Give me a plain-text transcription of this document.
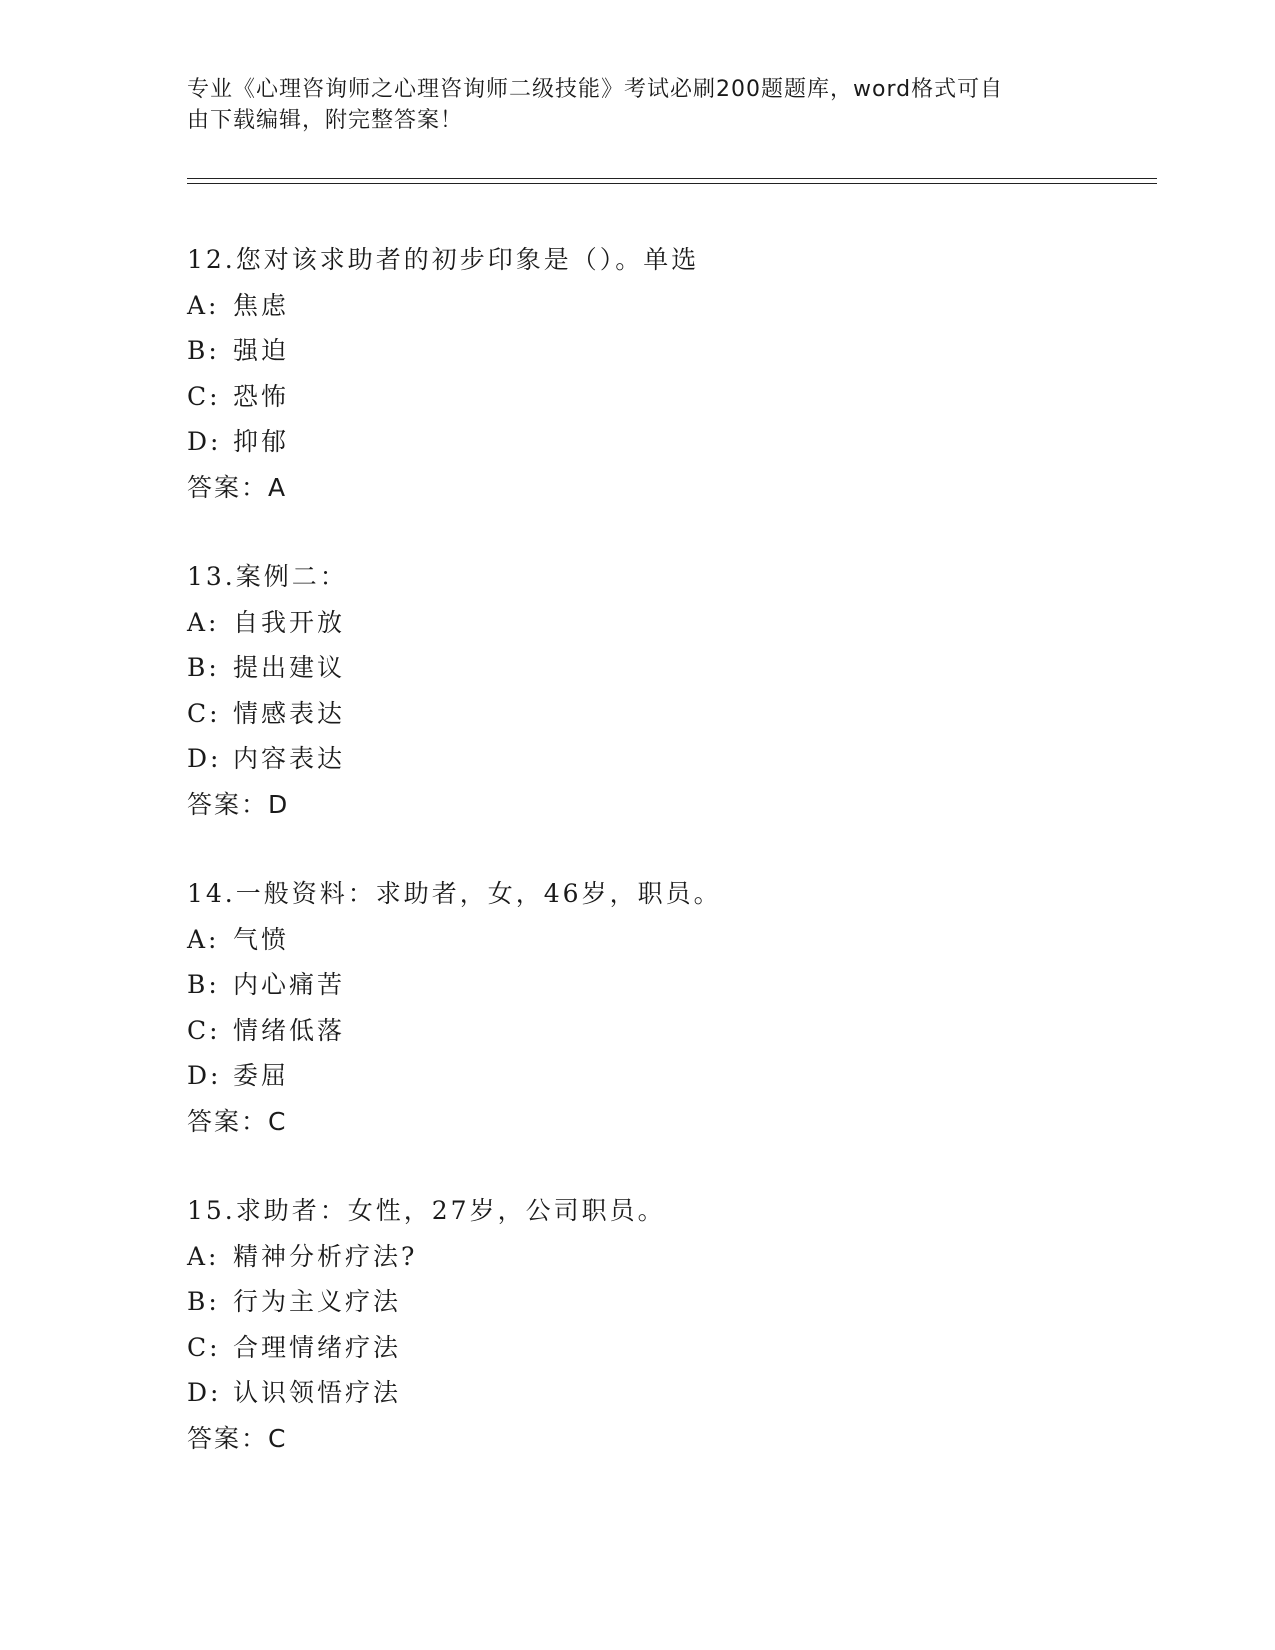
专业《心理咨询师之心理咨询师二级技能》考试必刷200题题库，word格式可自
由下载编辑，附完整答案！
12.您对该求助者的初步印象是（）。单选
A: 焦虑
B: 强迫
C: 恐怖
D: 抑郁
答案：A
13.案例二：
A: 自我开放
B: 提出建议
C: 情感表达
D: 内容表达
答案：D
14.一般资料：求助者，女，46岁，职员。
A: 气愤
B: 内心痛苦
C: 情绪低落
D: 委屈
答案：C
15.求助者：女性，27岁，公司职员。
A: 精神分析疗法?
B: 行为主义疗法
C: 合理情绪疗法
D: 认识领悟疗法
答案：C
